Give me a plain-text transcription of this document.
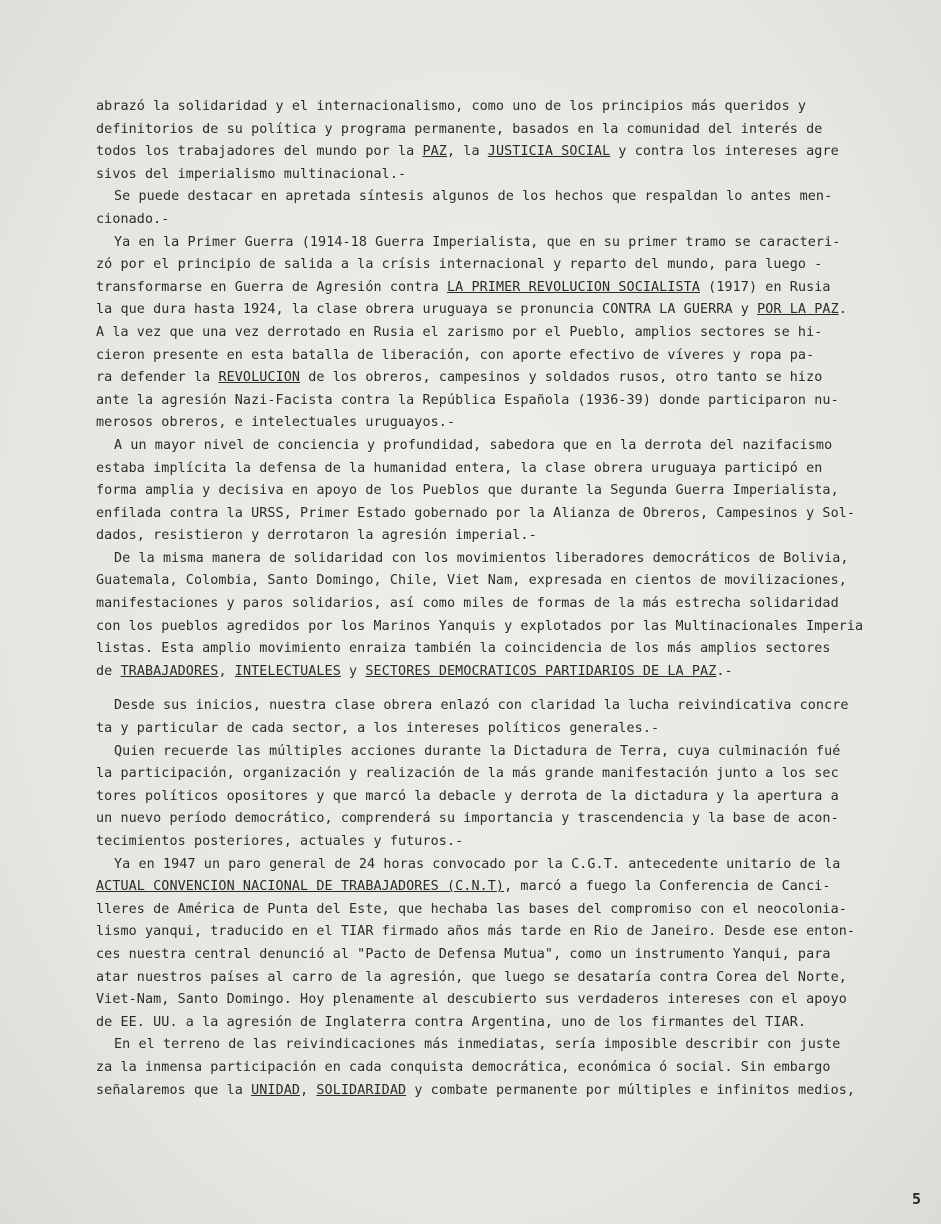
abrazó la solidaridad y el internacionalismo, como uno de los principios más queridos y
definitorios de su política y programa permanente, basados en la comunidad del interés de
todos los trabajadores del mundo por la PAZ, la JUSTICIA SOCIAL y contra los intereses agre
sivos del imperialismo multinacional.-
Se puede destacar en apretada síntesis algunos de los hechos que respaldan lo antes men-
cionado.-
Ya en la Primer Guerra (1914-18 Guerra Imperialista, que en su primer tramo se caracteri-
zó por el principio de salida a la crísis internacional y reparto del mundo, para luego -
transformarse en Guerra de Agresión contra LA PRIMER REVOLUCION SOCIALISTA (1917) en Rusia
la que dura hasta 1924, la clase obrera uruguaya se pronuncia CONTRA LA GUERRA y POR LA PAZ.
A la vez que una vez derrotado en Rusia el zarismo por el Pueblo, amplios sectores se hi-
cieron presente en esta batalla de liberación, con aporte efectivo de víveres y ropa pa-
ra defender la REVOLUCION de los obreros, campesinos y soldados rusos, otro tanto se hizo
ante la agresión Nazi-Facista contra la República Española (1936-39) donde participaron nu-
merosos obreros, e intelectuales uruguayos.-
A un mayor nivel de conciencia y profundidad, sabedora que en la derrota del nazifacismo
estaba implícita la defensa de la humanidad entera, la clase obrera uruguaya participó en
forma amplia y decisiva en apoyo de los Pueblos que durante la Segunda Guerra Imperialista,
enfilada contra la URSS, Primer Estado gobernado por la Alianza de Obreros, Campesinos y Sol-
dados, resistieron y derrotaron la agresión imperial.-
De la misma manera de solidaridad con los movimientos liberadores democráticos de Bolivia,
Guatemala, Colombia, Santo Domingo, Chile, Viet Nam, expresada en cientos de movilizaciones,
manifestaciones y paros solidarios, así como miles de formas de la más estrecha solidaridad
con los pueblos agredidos por los Marinos Yanquis y explotados por las Multinacionales Imperia
listas. Esta amplio movimiento enraiza también la coincidencia de los más amplios sectores
de TRABAJADORES, INTELECTUALES y SECTORES DEMOCRATICOS PARTIDARIOS DE LA PAZ.-
Desde sus inicios, nuestra clase obrera enlazó con claridad la lucha reivindicativa concre
ta y particular de cada sector, a los intereses políticos generales.-
Quien recuerde las múltiples acciones durante la Dictadura de Terra, cuya culminación fué
la participación, organización y realización de la más grande manifestación junto a los sec
tores políticos opositores y que marcó la debacle y derrota de la dictadura y la apertura a
un nuevo período democrático, comprenderá su importancia y trascendencia y la base de acon-
tecimientos posteriores, actuales y futuros.-
Ya en 1947 un paro general de 24 horas convocado por la C.G.T. antecedente unitario de la
ACTUAL CONVENCION NACIONAL DE TRABAJADORES (C.N.T), marcó a fuego la Conferencia de Canci-
lleres de América de Punta del Este, que hechaba las bases del compromiso con el neocolonia-
lismo yanqui, traducido en el TIAR firmado años más tarde en Rio de Janeiro. Desde ese enton-
ces nuestra central denunció al "Pacto de Defensa Mutua", como un instrumento Yanqui, para
atar nuestros países al carro de la agresión, que luego se desataría contra Corea del Norte,
Viet-Nam, Santo Domingo. Hoy plenamente al descubierto sus verdaderos intereses con el apoyo
de EE. UU. a la agresión de Inglaterra contra Argentina, uno de los firmantes del TIAR.
En el terreno de las reivindicaciones más inmediatas, sería imposible describir con juste
za la inmensa participación en cada conquista democrática, económica ó social. Sin embargo
señalaremos que la UNIDAD, SOLIDARIDAD y combate permanente por múltiples e infinitos medios,
5
